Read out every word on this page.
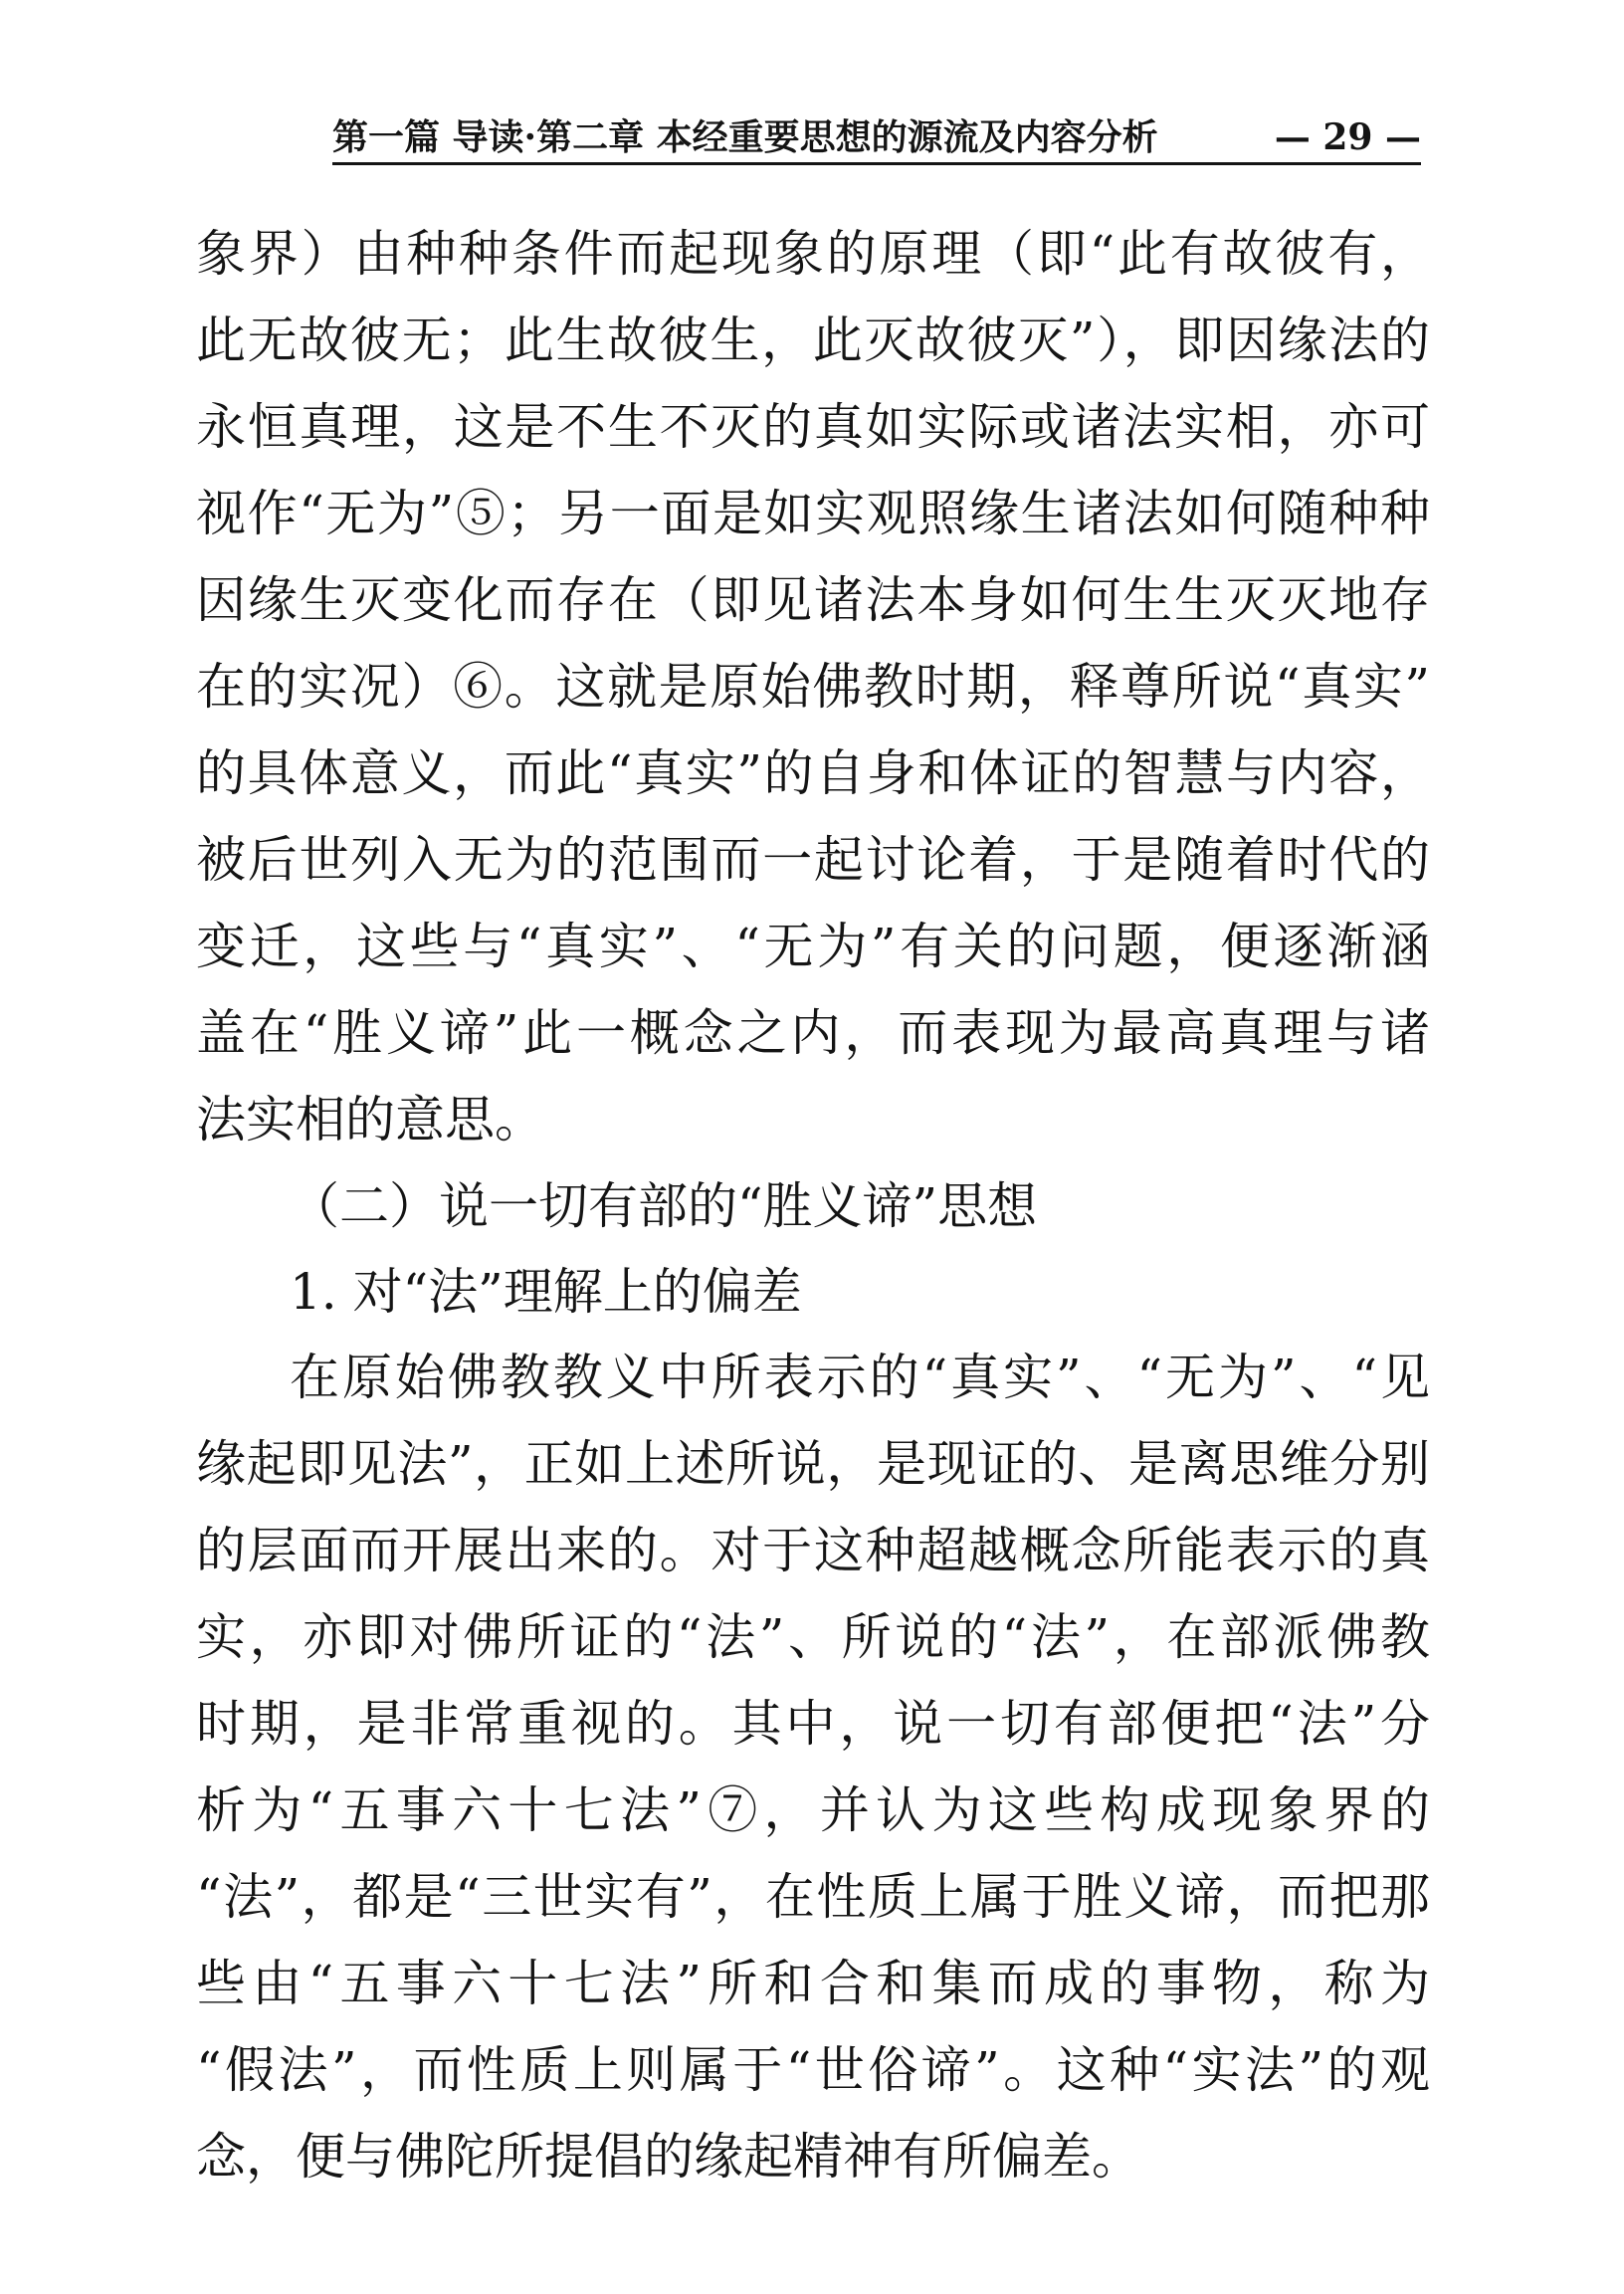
第一篇 导读·第二章 本经重要思想的源流及内容分析	— 29 —
象界）由种种条件而起现象的原理（即“此有故彼有，
此无故彼无；此生故彼生，此灭故彼灭”），即因缘法的
永恒真理，这是不生不灭的真如实际或诸法实相，亦可
视作“无为”⑤；另一面是如实观照缘生诸法如何随种种
因缘生灭变化而存在（即见诸法本身如何生生灭灭地存
在的实况）⑥。这就是原始佛教时期，释尊所说“真实”
的具体意义，而此“真实”的自身和体证的智慧与内容，
被后世列入无为的范围而一起讨论着，于是随着时代的
变迁，这些与“真实”、“无为”有关的问题，便逐渐涵
盖在“胜义谛”此一概念之内，而表现为最高真理与诸
法实相的意思。
（二）说一切有部的“胜义谛”思想
1. 对“法”理解上的偏差
在原始佛教教义中所表示的“真实”、“无为”、“见
缘起即见法”，正如上述所说，是现证的、是离思维分别
的层面而开展出来的。对于这种超越概念所能表示的真
实，亦即对佛所证的“法”、所说的“法”，在部派佛教
时期，是非常重视的。其中，说一切有部便把“法”分
析为“五事六十七法”⑦，并认为这些构成现象界的
“法”，都是“三世实有”，在性质上属于胜义谛，而把那
些由“五事六十七法”所和合和集而成的事物，称为
“假法”，而性质上则属于“世俗谛”。这种“实法”的观
念，便与佛陀所提倡的缘起精神有所偏差。
